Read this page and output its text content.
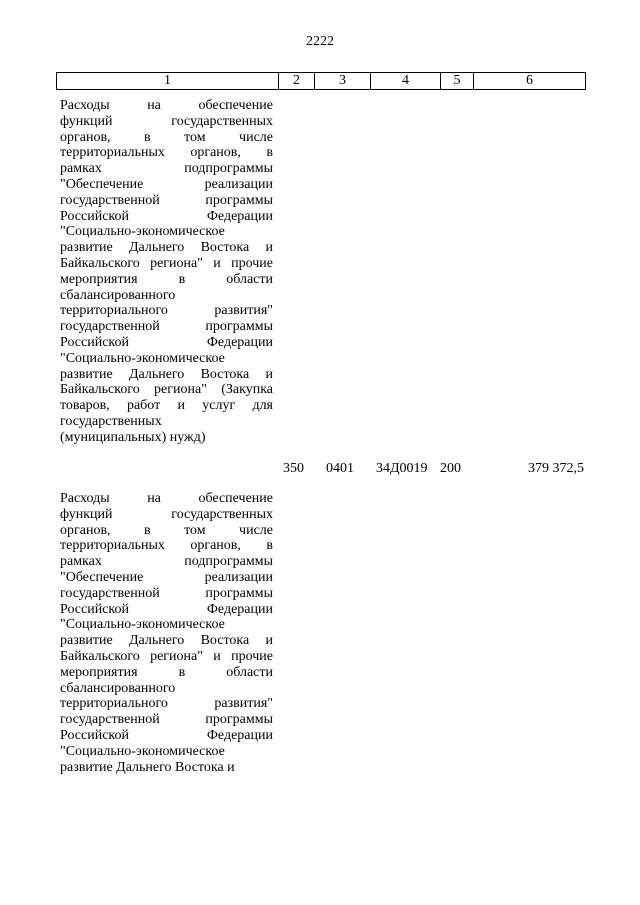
2222
1	2	3	4	5	6
Расходы на обеспечение
функций государственных
органов, в том числе
территориальных органов, в
рамках подпрограммы
"Обеспечение реализации
государственной программы
Российской Федерации
"Социально-экономическое
развитие Дальнего Востока и
Байкальского региона" и прочие
мероприятия в области
сбалансированного
территориального развития"
государственной программы
Российской Федерации
"Социально-экономическое
развитие Дальнего Востока и
Байкальского региона" (Закупка
товаров, работ и услуг для
государственных
(муниципальных) нужд)
350 0401 34Д0019 200	379 372,5
Расходы на обеспечение
функций государственных
органов, в том числе
территориальных органов, в
рамках подпрограммы
"Обеспечение реализации
государственной программы
Российской Федерации
"Социально-экономическое
развитие Дальнего Востока и
Байкальского региона" и прочие
мероприятия в области
сбалансированного
территориального развития"
государственной программы
Российской Федерации
"Социально-экономическое
развитие Дальнего Востока и
